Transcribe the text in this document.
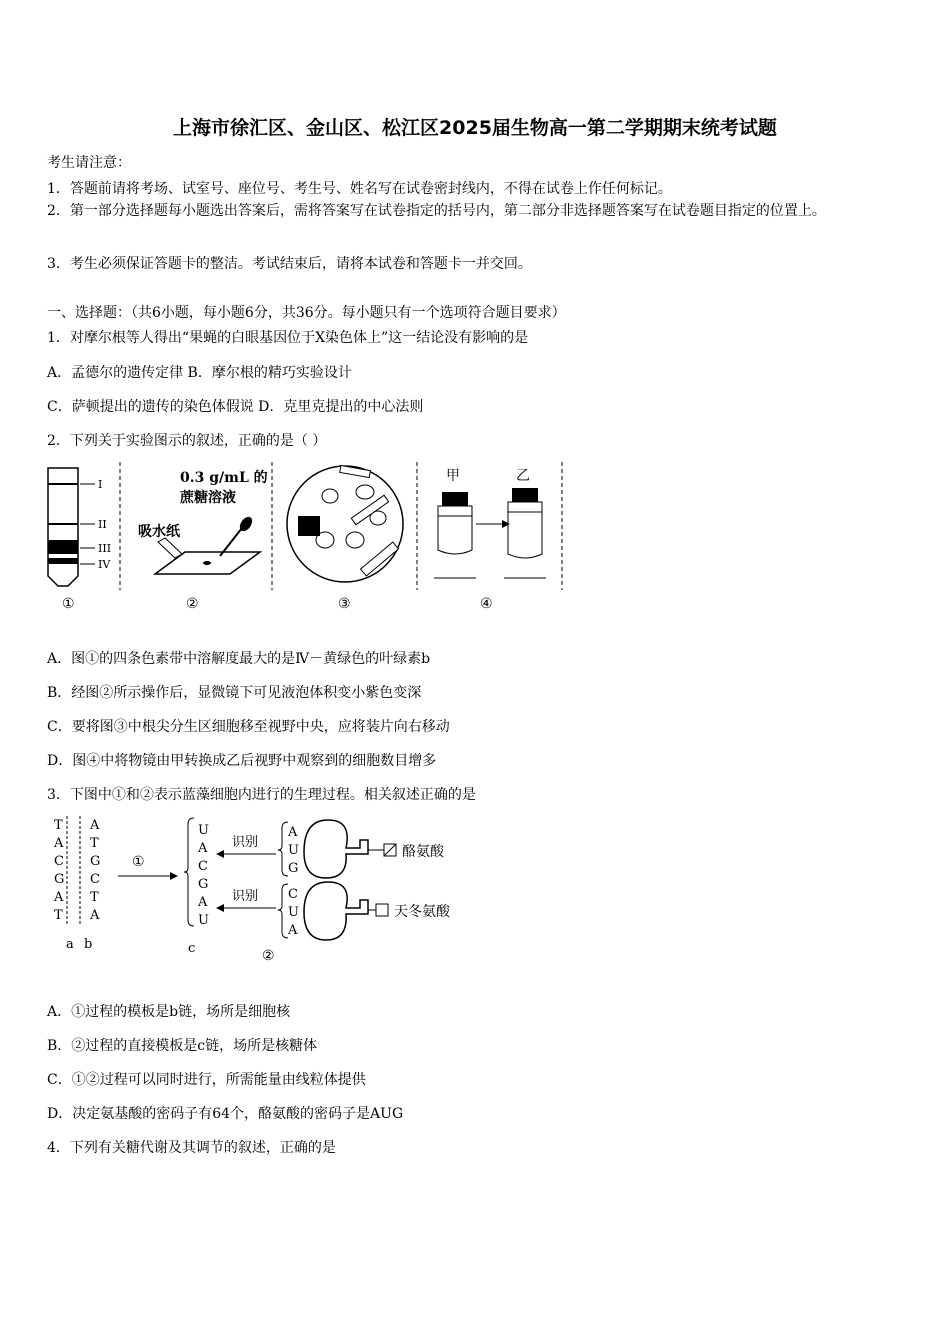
上海市徐汇区、金山区、松江区2025届生物高一第二学期期末统考试题
考生请注意：
1．答题前请将考场、试室号、座位号、考生号、姓名写在试卷密封线内，不得在试卷上作任何标记。
2．第一部分选择题每小题选出答案后，需将答案写在试卷指定的括号内，第二部分非选择题答案写在试卷题目指定的位置上。
3．考生必须保证答题卡的整洁。考试结束后，请将本试卷和答题卡一并交回。
一、选择题：（共6小题，每小题6分，共36分。每小题只有一个选项符合题目要求）
1．对摩尔根等人得出“果蝇的白眼基因位于X染色体上”这一结论没有影响的是
A．孟德尔的遗传定律 B．摩尔根的精巧实验设计
C．萨顿提出的遗传的染色体假说 D．克里克提出的中心法则
2．下列关于实验图示的叙述，正确的是（ ）
I
II
III
IV
0.3 g/mL 的
蔗糖溶液
吸水纸
甲	乙
①	②	③	④
A．图①的四条色素带中溶解度最大的是Ⅳ－黄绿色的叶绿素b
B．经图②所示操作后，显微镜下可见液泡体积变小紫色变深
C．要将图③中根尖分生区细胞移至视野中央，应将装片向右移动
D．图④中将物镜由甲转换成乙后视野中观察到的细胞数目增多
3．下图中①和②表示蓝藻细胞内进行的生理过程。相关叙述正确的是
T
A
C
G
A
T
A
T
G
C
T
A
a b
①
U
A
C
G
A
U
c
识别
识别
A
U
G
C
U
A
酪氨酸
天冬氨酸
②
A．①过程的模板是b链，场所是细胞核
B．②过程的直接模板是c链，场所是核糖体
C．①②过程可以同时进行，所需能量由线粒体提供
D．决定氨基酸的密码子有64个，酪氨酸的密码子是AUG
4．下列有关糖代谢及其调节的叙述，正确的是
